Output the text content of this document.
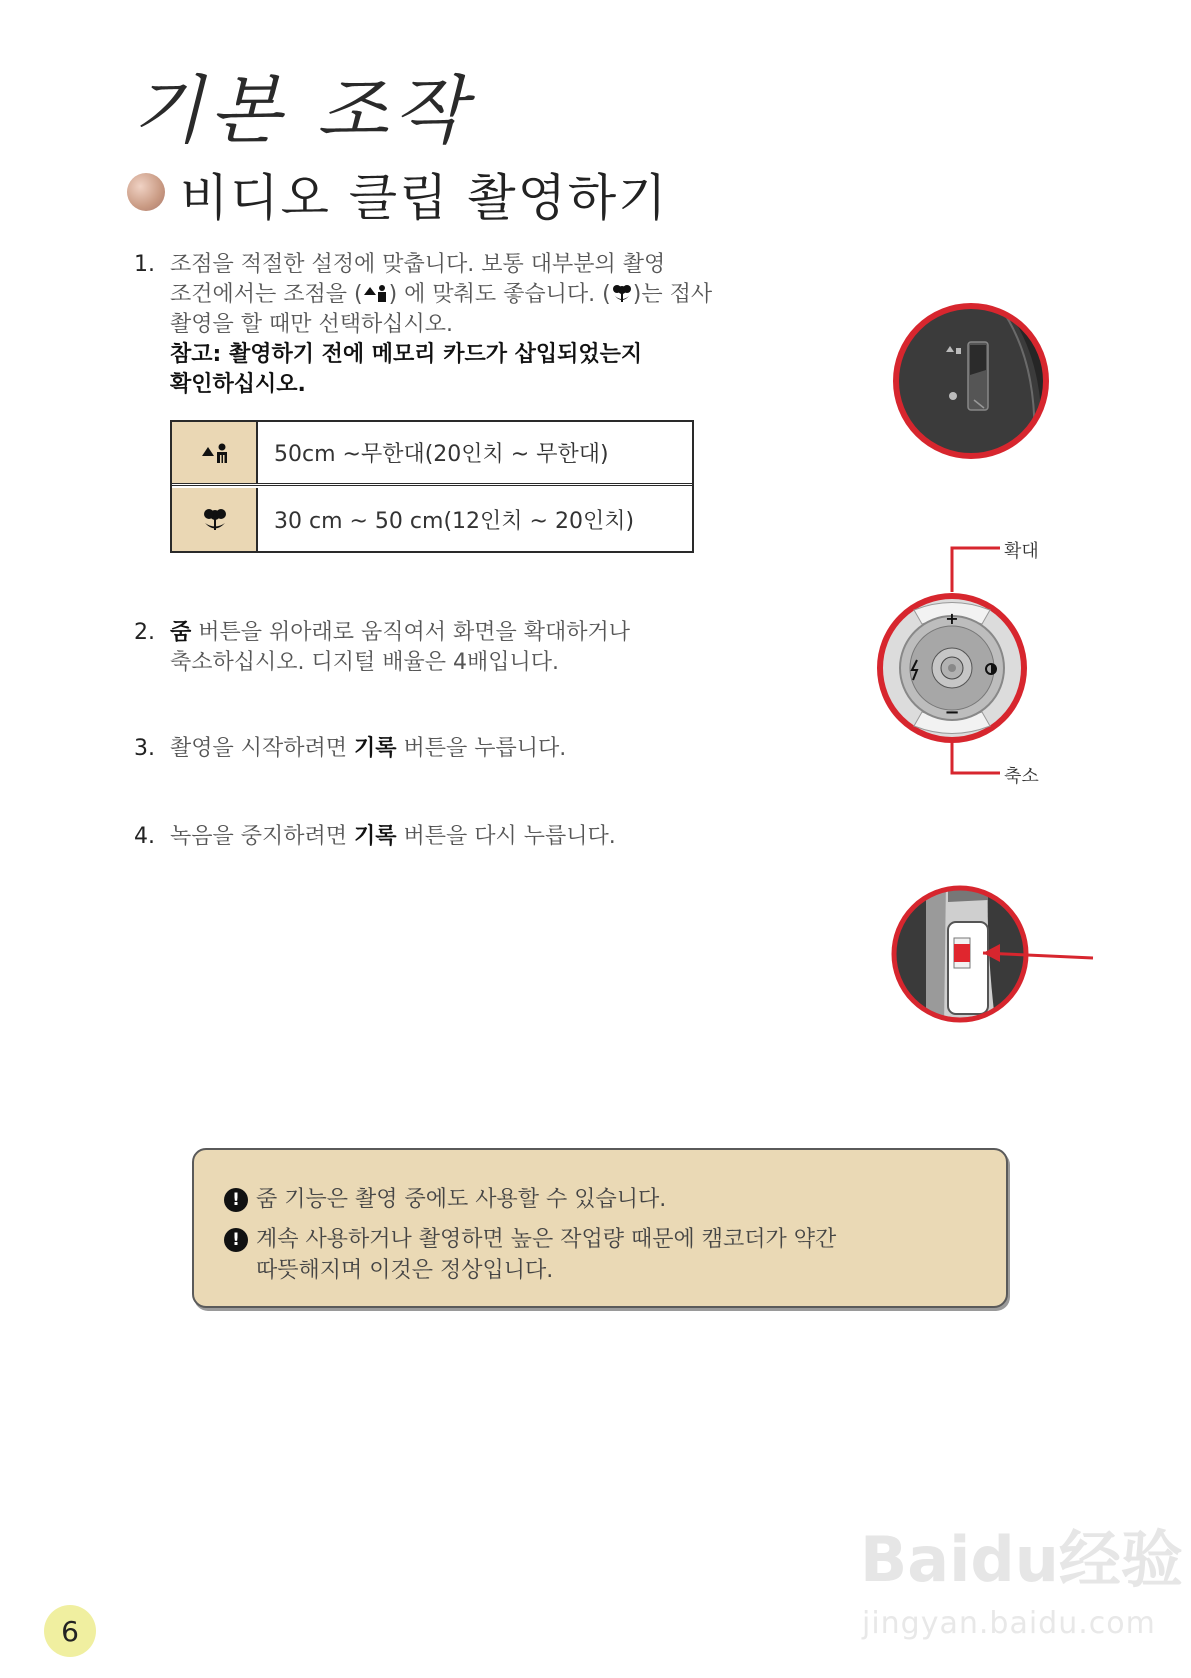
기본 조작
비디오 클립 촬영하기
1. 조점을 적절한 설정에 맞춥니다. 보통 대부분의 촬영
조건에서는 조점을 ( ) 에 맞춰도 좋습니다. ( )는 접사
촬영을 할 때만 선택하십시오.
참고: 촬영하기 전에 메모리 카드가 삽입되었는지
확인하십시오.
50cm ~무한대(20인치 ~ 무한대)
30 cm ~ 50 cm(12인치 ~ 20인치)
2. 줌 버튼을 위아래로 움직여서 화면을 확대하거나
축소하십시오. 디지털 배율은 4배입니다.
3. 촬영을 시작하려면 기록 버튼을 누릅니다.
4. 녹음을 중지하려면 기록 버튼을 다시 누릅니다.
+
−
확대
축소
! 줌 기능은 촬영 중에도 사용할 수 있습니다.
! 계속 사용하거나 촬영하면 높은 작업량 때문에 캠코더가 약간
따뜻해지며 이것은 정상입니다.
6
Baidu经验
jingyan.baidu.com
